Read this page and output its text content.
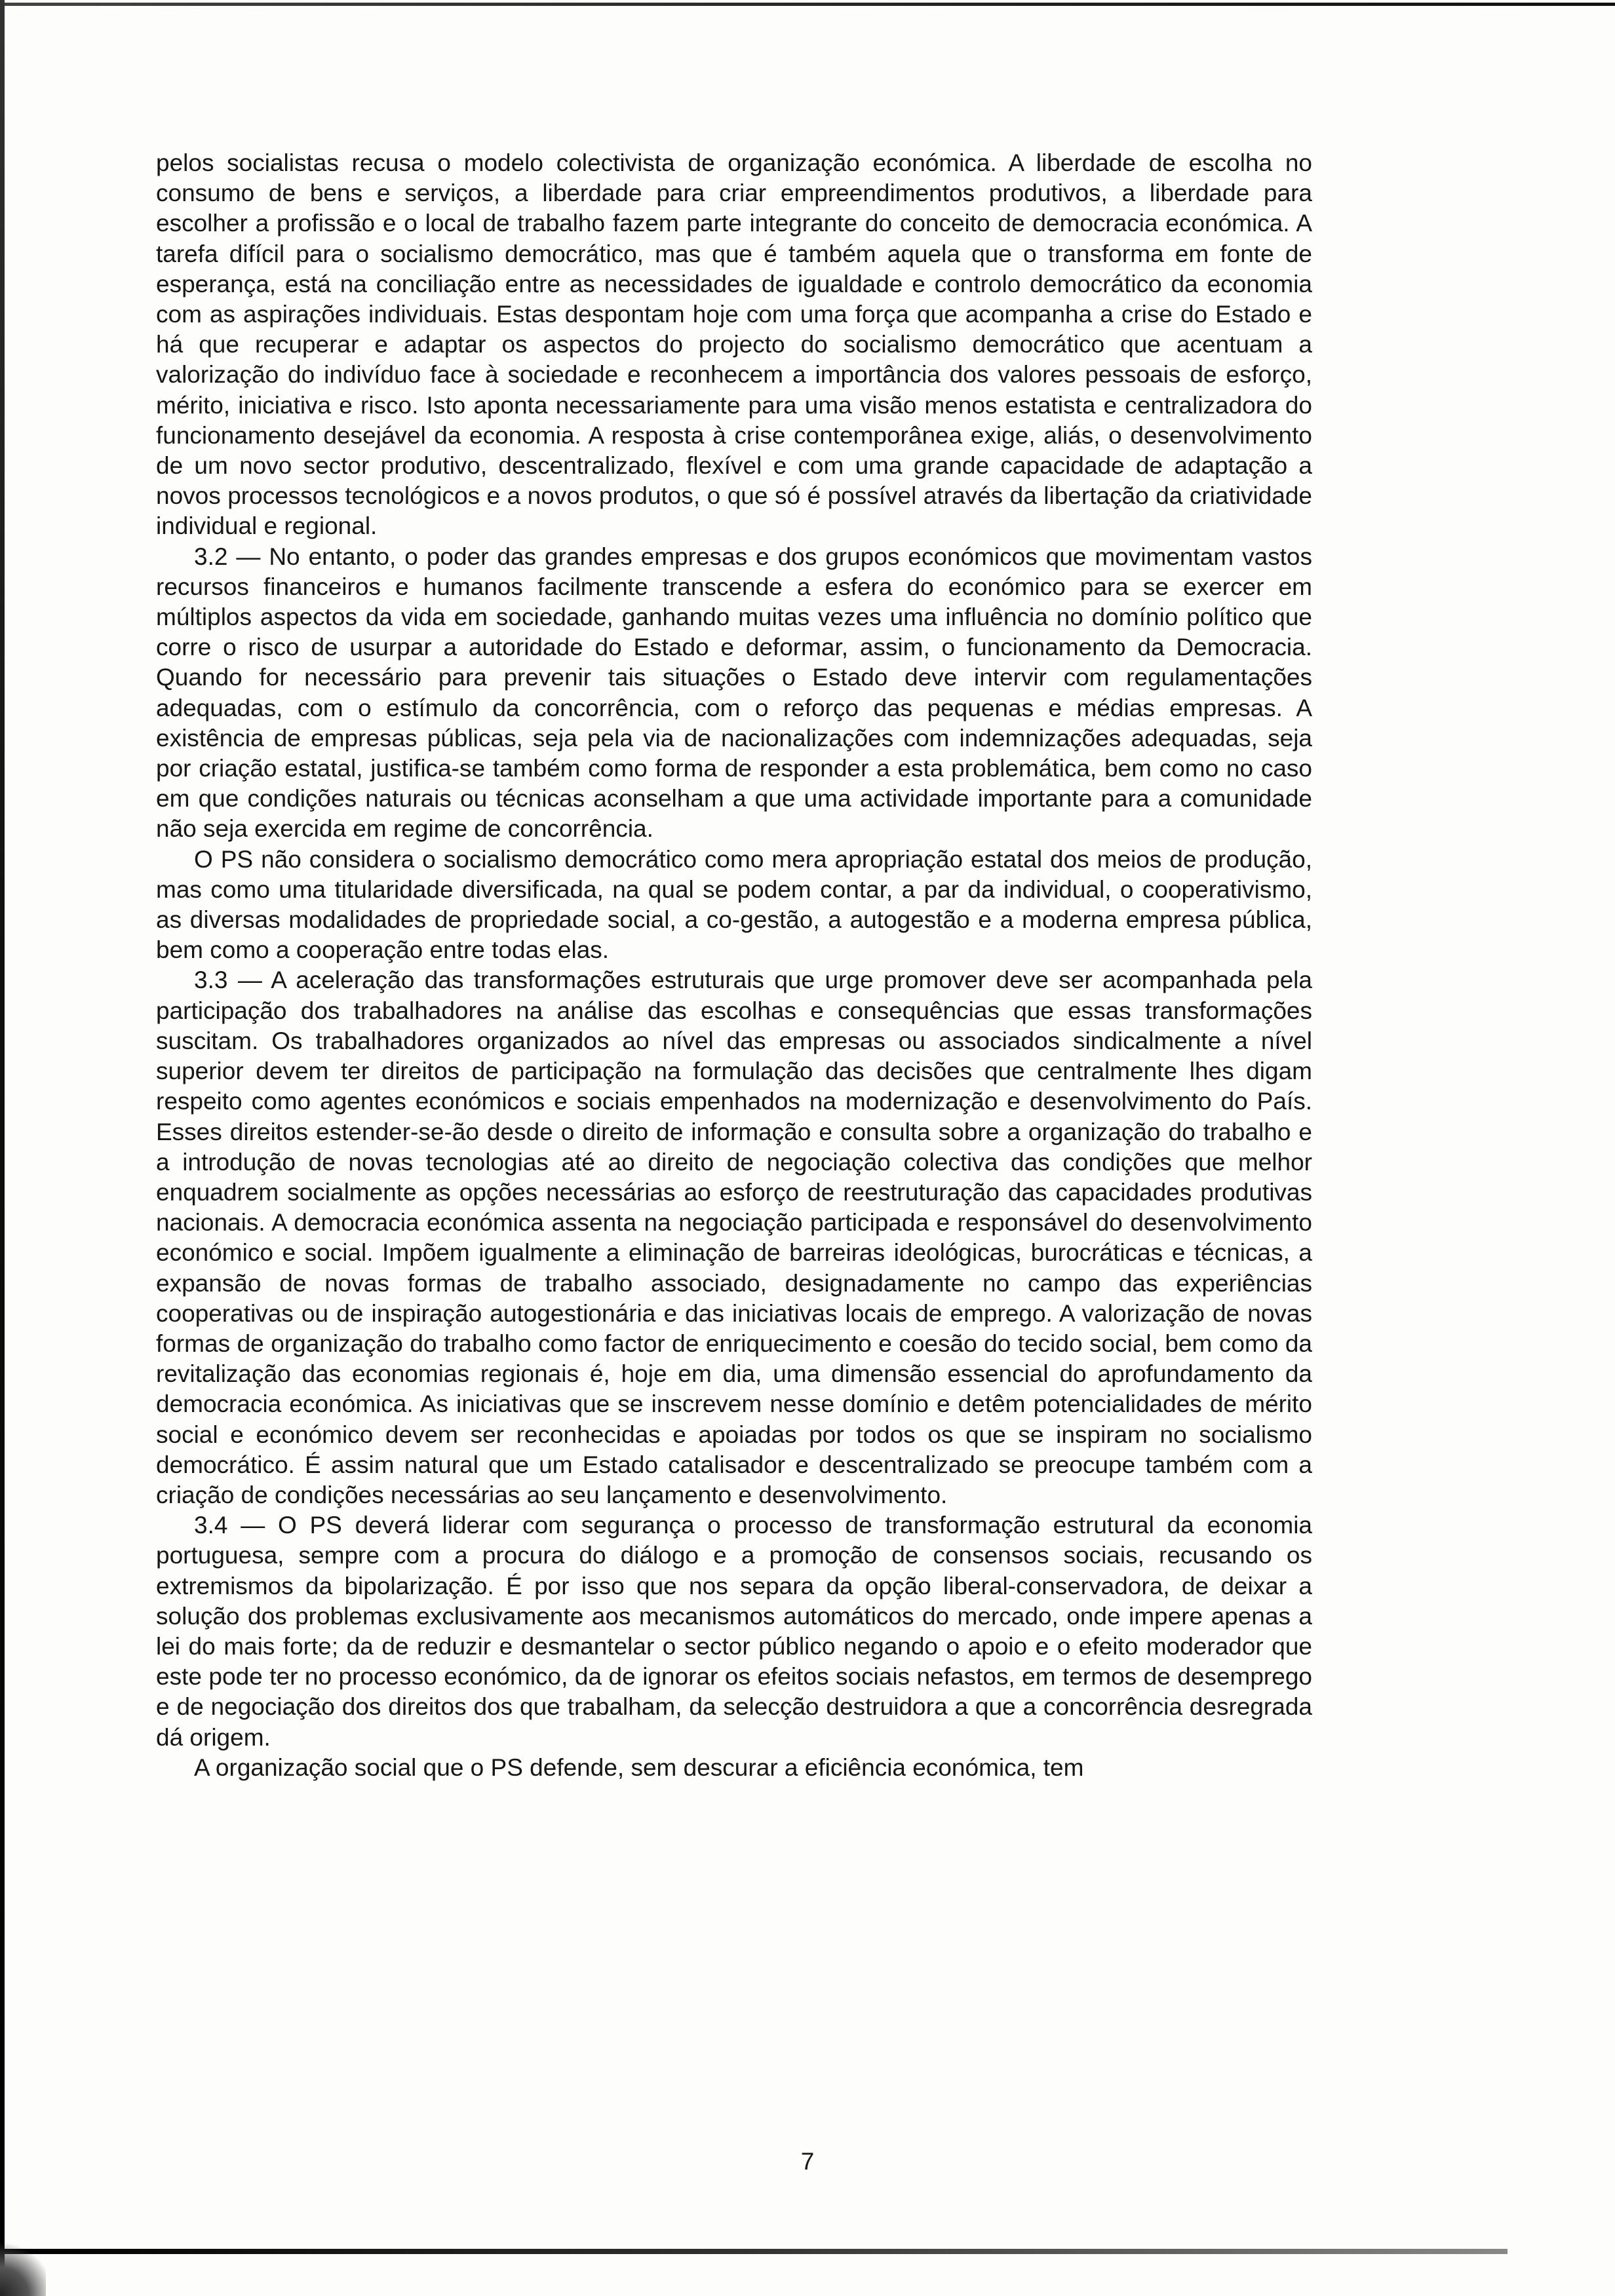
pelos socialistas recusa o modelo colectivista de organização económica. A liberdade de escolha no consumo de bens e serviços, a liberdade para criar empreendimentos produtivos, a liberdade para escolher a profissão e o local de trabalho fazem parte integrante do conceito de democracia económica. A tarefa difícil para o socialismo democrático, mas que é também aquela que o transforma em fonte de esperança, está na conciliação entre as necessidades de igualdade e controlo democrático da economia com as aspirações individuais. Estas despontam hoje com uma força que acompanha a crise do Estado e há que recuperar e adaptar os aspectos do projecto do socialismo democrático que acentuam a valorização do indivíduo face à sociedade e reconhecem a importância dos valores pessoais de esforço, mérito, iniciativa e risco. Isto aponta necessariamente para uma visão menos estatista e centralizadora do funcionamento desejável da economia. A resposta à crise contemporânea exige, aliás, o desenvolvimento de um novo sector produtivo, descentralizado, flexível e com uma grande capacidade de adaptação a novos processos tecnológicos e a novos produtos, o que só é possível através da libertação da criatividade individual e regional.

3.2 — No entanto, o poder das grandes empresas e dos grupos económicos que movimentam vastos recursos financeiros e humanos facilmente transcende a esfera do económico para se exercer em múltiplos aspectos da vida em sociedade, ganhando muitas vezes uma influência no domínio político que corre o risco de usurpar a autoridade do Estado e deformar, assim, o funcionamento da Democracia. Quando for necessário para prevenir tais situações o Estado deve intervir com regulamentações adequadas, com o estímulo da concorrência, com o reforço das pequenas e médias empresas. A existência de empresas públicas, seja pela via de nacionalizações com indemnizações adequadas, seja por criação estatal, justifica-se também como forma de responder a esta problemática, bem como no caso em que condições naturais ou técnicas aconselham a que uma actividade importante para a comunidade não seja exercida em regime de concorrência.

O PS não considera o socialismo democrático como mera apropriação estatal dos meios de produção, mas como uma titularidade diversificada, na qual se podem contar, a par da individual, o cooperativismo, as diversas modalidades de propriedade social, a co-gestão, a autogestão e a moderna empresa pública, bem como a cooperação entre todas elas.

3.3 — A aceleração das transformações estruturais que urge promover deve ser acompanhada pela participação dos trabalhadores na análise das escolhas e consequências que essas transformações suscitam. Os trabalhadores organizados ao nível das empresas ou associados sindicalmente a nível superior devem ter direitos de participação na formulação das decisões que centralmente lhes digam respeito como agentes económicos e sociais empenhados na modernização e desenvolvimento do País. Esses direitos estender-se-ão desde o direito de informação e consulta sobre a organização do trabalho e a introdução de novas tecnologias até ao direito de negociação colectiva das condições que melhor enquadrem socialmente as opções necessárias ao esforço de reestruturação das capacidades produtivas nacionais. A democracia económica assenta na negociação participada e responsável do desenvolvimento económico e social. Impõem igualmente a eliminação de barreiras ideológicas, burocráticas e técnicas, a expansão de novas formas de trabalho associado, designadamente no campo das experiências cooperativas ou de inspiração autogestionária e das iniciativas locais de emprego. A valorização de novas formas de organização do trabalho como factor de enriquecimento e coesão do tecido social, bem como da revitalização das economias regionais é, hoje em dia, uma dimensão essencial do aprofundamento da democracia económica. As iniciativas que se inscrevem nesse domínio e detêm potencialidades de mérito social e económico devem ser reconhecidas e apoiadas por todos os que se inspiram no socialismo democrático. É assim natural que um Estado catalisador e descentralizado se preocupe também com a criação de condições necessárias ao seu lançamento e desenvolvimento.

3.4 — O PS deverá liderar com segurança o processo de transformação estrutural da economia portuguesa, sempre com a procura do diálogo e a promoção de consensos sociais, recusando os extremismos da bipolarização. É por isso que nos separa da opção liberal-conservadora, de deixar a solução dos problemas exclusivamente aos mecanismos automáticos do mercado, onde impere apenas a lei do mais forte; da de reduzir e desmantelar o sector público negando o apoio e o efeito moderador que este pode ter no processo económico, da de ignorar os efeitos sociais nefastos, em termos de desemprego e de negociação dos direitos dos que trabalham, da selecção destruidora a que a concorrência desregrada dá origem.

A organização social que o PS defende, sem descurar a eficiência económica, tem

7
